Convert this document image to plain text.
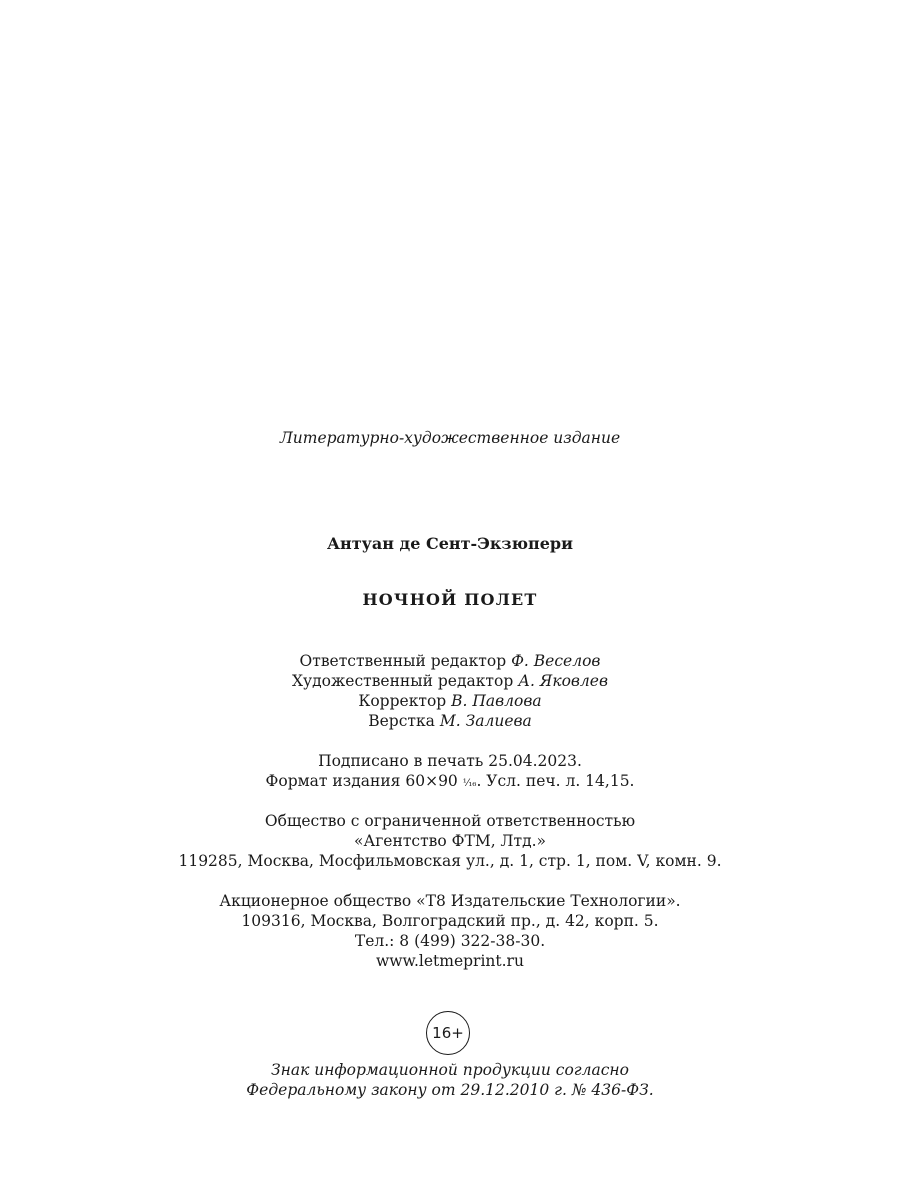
Литературно-художественное издание
Антуан де Сент-Экзюпери
НОЧНОЙ ПОЛЕТ
Ответственный редактор Ф. Веселов
Художественный редактор А. Яковлев
Корректор В. Павлова
Верстка М. Залиева
Подписано в печать 25.04.2023.
Формат издания 60×90 ¹⁄₁₆. Усл. печ. л. 14,15.
Общество с ограниченной ответственностью
«Агентство ФТМ, Лтд.»
119285, Москва, Мосфильмовская ул., д. 1, стр. 1, пом. V, комн. 9.
Акционерное общество «Т8 Издательские Технологии».
109316, Москва, Волгоградский пр., д. 42, корп. 5.
Тел.: 8 (499) 322-38-30.
www.letmeprint.ru
16+
Знак информационной продукции согласно
Федеральному закону от 29.12.2010 г. № 436-ФЗ.
